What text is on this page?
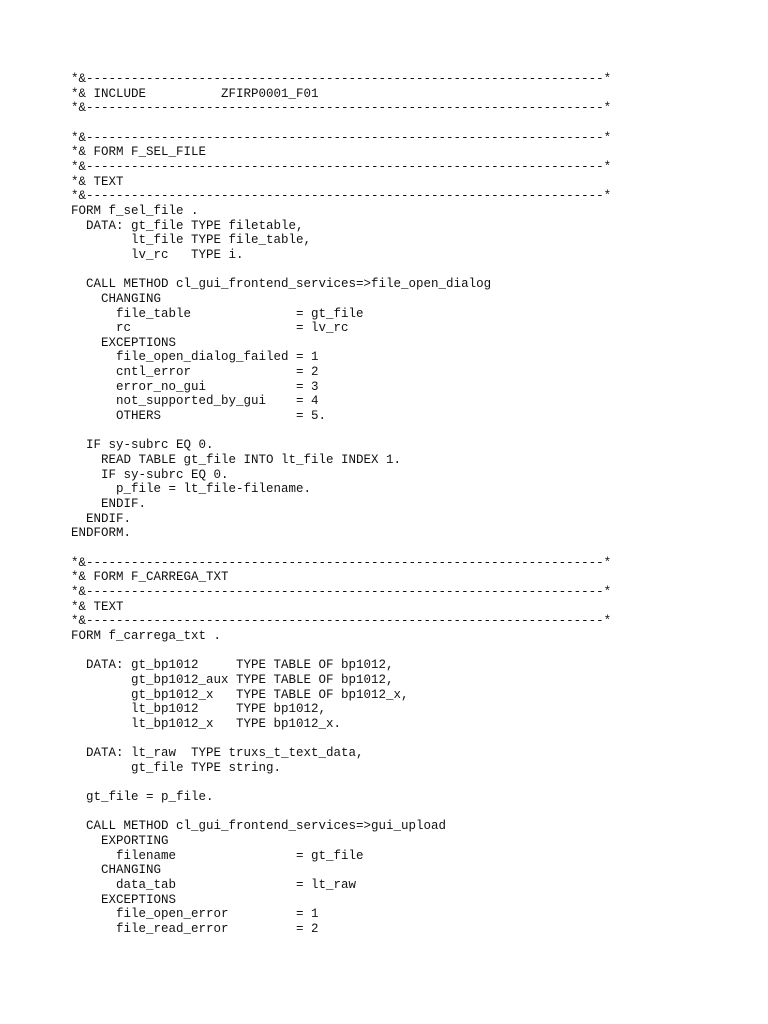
*&---------------------------------------------------------------------*
*& INCLUDE          ZFIRP0001_F01
*&---------------------------------------------------------------------*
*&---------------------------------------------------------------------*
*& FORM F_SEL_FILE
*&---------------------------------------------------------------------*
*& TEXT
*&---------------------------------------------------------------------*
FORM f_sel_file .
DATA: gt_file TYPE filetable,
lt_file TYPE file_table,
lv_rc   TYPE i.
CALL METHOD cl_gui_frontend_services=>file_open_dialog
CHANGING
file_table              = gt_file
rc                      = lv_rc
EXCEPTIONS
file_open_dialog_failed = 1
cntl_error              = 2
error_no_gui            = 3
not_supported_by_gui    = 4
OTHERS                  = 5.
IF sy-subrc EQ 0.
READ TABLE gt_file INTO lt_file INDEX 1.
IF sy-subrc EQ 0.
p_file = lt_file-filename.
ENDIF.
ENDIF.
ENDFORM.
*&---------------------------------------------------------------------*
*& FORM F_CARREGA_TXT
*&---------------------------------------------------------------------*
*& TEXT
*&---------------------------------------------------------------------*
FORM f_carrega_txt .
DATA: gt_bp1012     TYPE TABLE OF bp1012,
gt_bp1012_aux TYPE TABLE OF bp1012,
gt_bp1012_x   TYPE TABLE OF bp1012_x,
lt_bp1012     TYPE bp1012,
lt_bp1012_x   TYPE bp1012_x.
DATA: lt_raw  TYPE truxs_t_text_data,
gt_file TYPE string.
gt_file = p_file.
CALL METHOD cl_gui_frontend_services=>gui_upload
EXPORTING
filename                = gt_file
CHANGING
data_tab                = lt_raw
EXCEPTIONS
file_open_error         = 1
file_read_error         = 2
